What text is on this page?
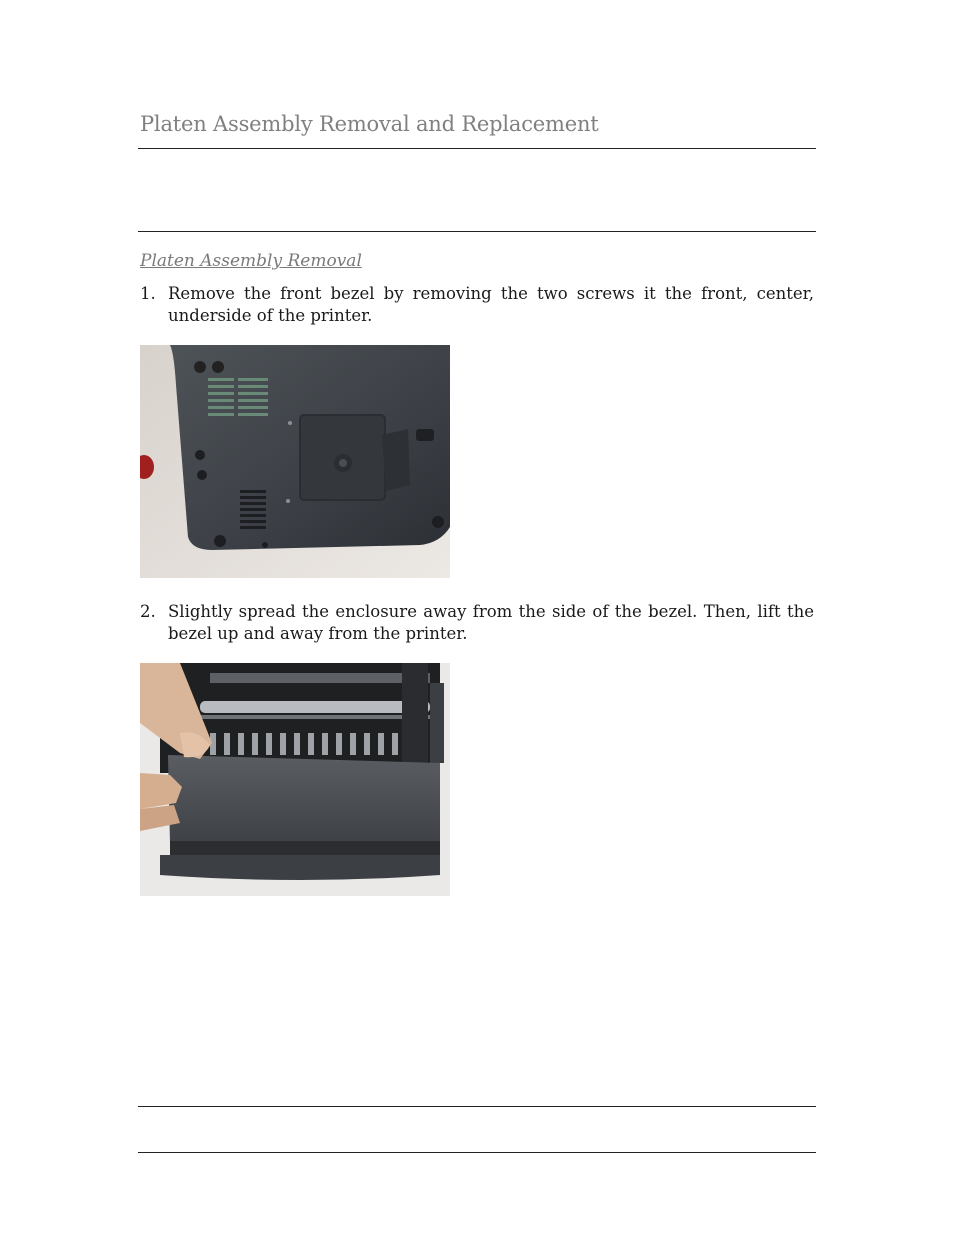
Platen Assembly Removal and Replacement
Platen Assembly Removal
1. Remove the front bezel by removing the two screws it the front, center, underside of the printer.
2. Slightly spread the enclosure away from the side of the bezel. Then, lift the bezel up and away from the printer.
